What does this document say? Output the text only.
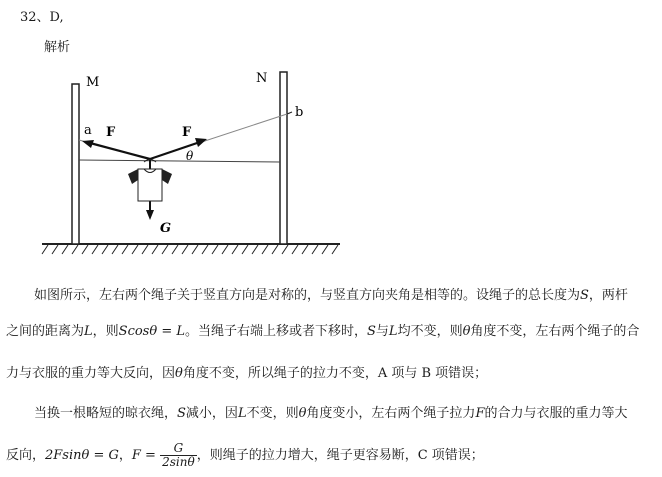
32、D,
解析
M	N
a
b
F	F
θ
G

如图所示，左右两个绳子关于竖直方向是对称的，与竖直方向夹角是相等的。设绳子的总长度为S，两杆

之间的距离为L，则Scosθ = L。当绳子右端上移或者下移时，S与L均不变，则θ角度不变，左右两个绳子的合

力与衣服的重力等大反向，因θ角度不变，所以绳子的拉力不变，A 项与 B 项错误；

当换一根略短的晾衣绳，S减小，因L不变，则θ角度变小，左右两个绳子拉力F的合力与衣服的重力等大

反向，2Fsinθ = G，$F = \frac{G}{2\sin\theta}$ ，则绳子的拉力增大，绳子更容易断，C 项错误；
